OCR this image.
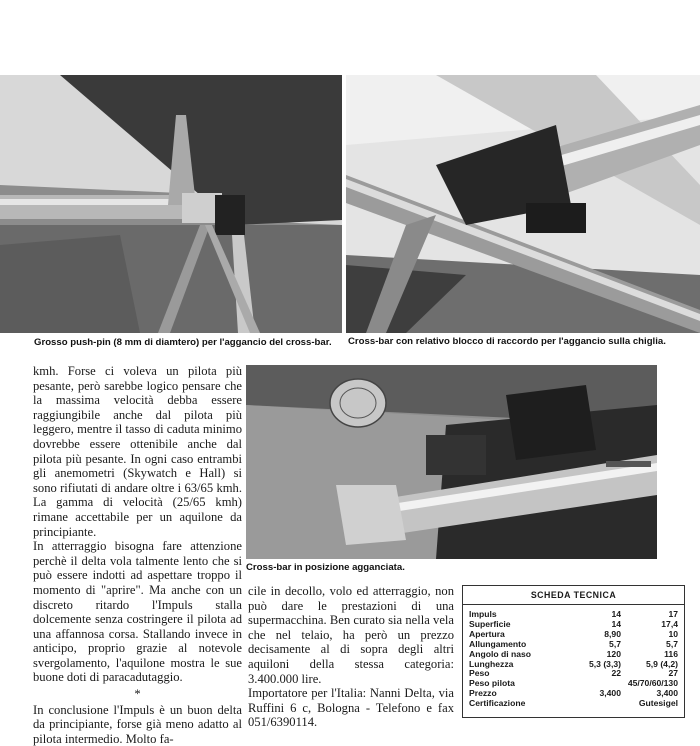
Grosso push-pin (8 mm di diamtero) per l'aggancio del cross-bar. Cross-bar con relativo blocco di raccordo per l'aggancio sulla chiglia.
Cross-bar in posizione agganciata.

kmh. Forse ci voleva un pilota più pesante, però sarebbe logico pensare che la massima velocità debba essere raggiungibile anche dal pilota più leggero, mentre il tasso di caduta minimo dovrebbe essere ottenibile anche dal pilota più pesante. In ogni caso entrambi gli anemometri (Skywatch e Hall) si sono rifiutati di andare oltre i 63/65 kmh. La gamma di velocità (25/65 kmh) rimane accettabile per un aquilone da principiante.

In atterraggio bisogna fare attenzione perchè il delta vola talmente lento che si può essere indotti ad aspettare troppo il momento di "aprire". Ma anche con un discreto ritardo l'Impuls stalla dolcemente senza costringere il pilota ad una affannosa corsa. Stallando invece in anticipo, proprio grazie al notevole svergolamento, l'aquilone mostra le sue buone doti di paracadutaggio.

*

In conclusione l'Impuls è un buon delta da principiante, forse già meno adatto al pilota intermedio. Molto fa-

cile in decollo, volo ed atterraggio, non può dare le prestazioni di una supermacchina. Ben curato sia nella vela che nel telaio, ha però un prezzo decisamente al di sopra degli altri aquiloni della stessa categoria: 3.400.000 lire.

Importatore per l'Italia: Nanni Delta, via Ruffini 6 c, Bologna - Telefono e fax 051/6390114.

SCHEDA TECNICA
Impuls	14	17
Superficie	14	17,4
Apertura	8,90	10
Allungamento	5,7	5,7
Angolo di naso	120	116
Lunghezza	5,3 (3,3)	5,9 (4,2)
Peso	22	27
Peso pilota		45/70/60/130
Prezzo	3,400	3,400
Certificazione		Gutesigel
